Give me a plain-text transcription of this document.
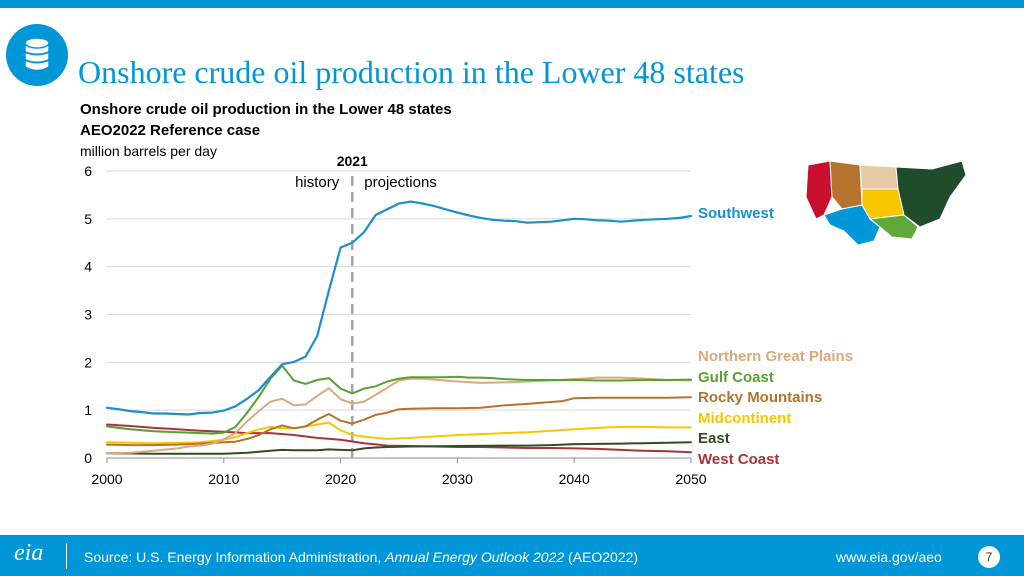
Onshore crude oil production in the Lower 48 states
Onshore crude oil production in the Lower 48 states
AEO2022 Reference case
million barrels per day
0
1
2
3
4
5
6
2000	2010	2020	2030	2040	2050
2021
history projections
Southwest
Northern Great Plains
Gulf Coast
Rocky Mountains
Midcontinent
East
West Coast
eia	Source: U.S. Energy Information Administration, Annual Energy Outlook 2022 (AEO2022)	www.eia.gov/aeo	7
